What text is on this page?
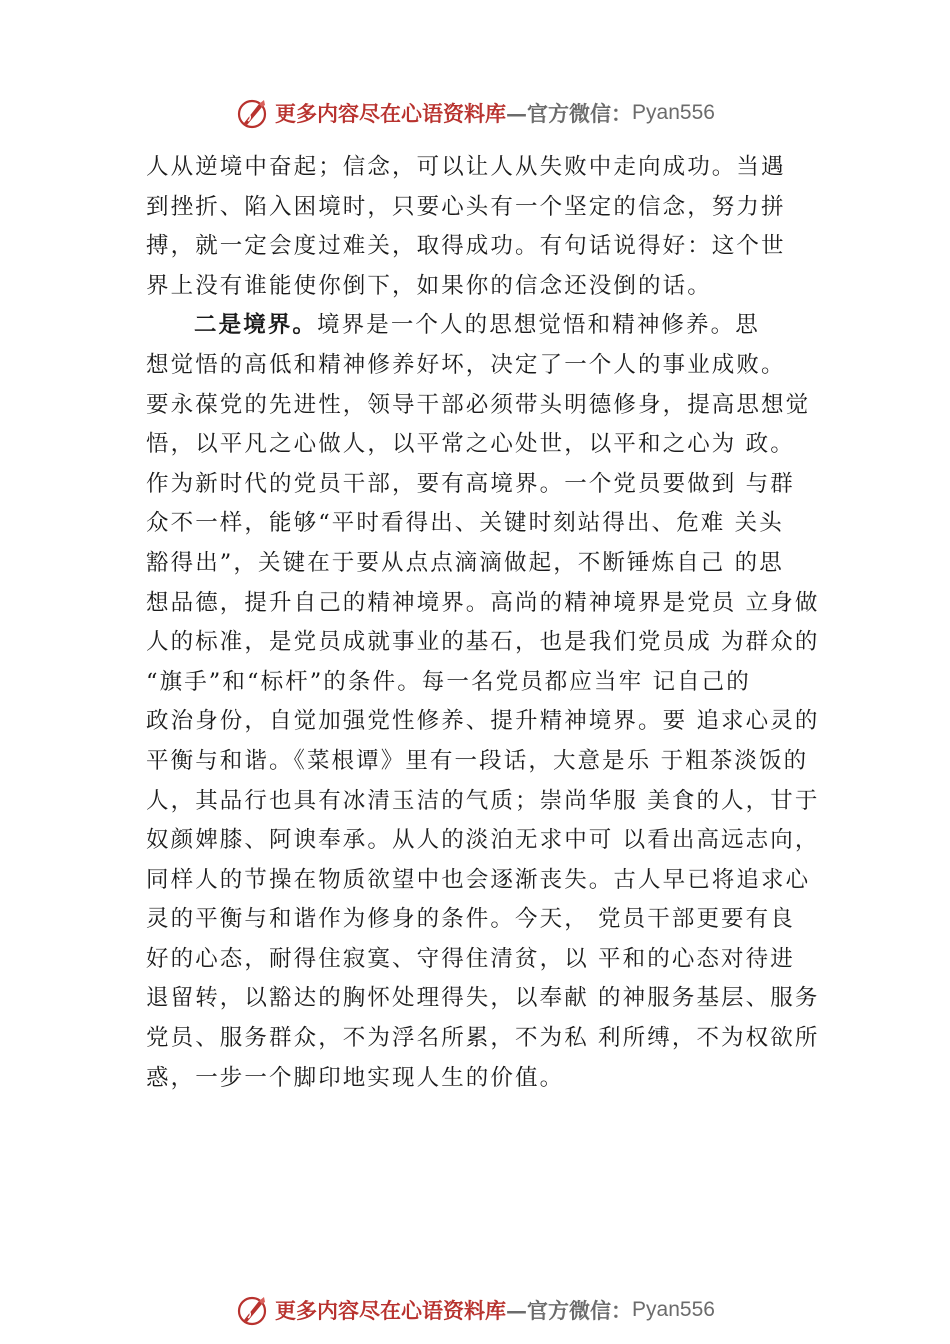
更多内容尽在心语资料库 —官方微信： Pyan556
人从逆境中奋起；信念，可以让人从失败中走向成功。当遇
到挫折、陷入困境时，只要心头有一个坚定的信念，努力拼
搏，就一定会度过难关，取得成功。有句话说得好：这个世
界上没有谁能使你倒下，如果你的信念还没倒的话。
二是境界。境界是一个人的思想觉悟和精神修养。思
想觉悟的高低和精神修养好坏，决定了一个人的事业成败。
要永葆党的先进性，领导干部必须带头明德修身，提高思想觉
悟，以平凡之心做人，以平常之心处世，以平和之心为 政。
作为新时代的党员干部，要有高境界。一个党员要做到 与群
众不一样，能够“平时看得出、关键时刻站得出、危难 关头
豁得出”，关键在于要从点点滴滴做起，不断锤炼自己 的思
想品德，提升自己的精神境界。高尚的精神境界是党员 立身做
人的标准，是党员成就事业的基石，也是我们党员成 为群众的
“旗手”和“标杆”的条件。每一名党员都应当牢 记自己的
政治身份，自觉加强党性修养、提升精神境界。要 追求心灵的
平衡与和谐。《菜根谭》里有一段话，大意是乐 于粗茶淡饭的
人，其品行也具有冰清玉洁的气质；崇尚华服 美食的人，甘于
奴颜婢膝、阿谀奉承。从人的淡泊无求中可 以看出高远志向，
同样人的节操在物质欲望中也会逐渐丧失。古人早已将追求心
灵的平衡与和谐作为修身的条件。今天， 党员干部更要有良
好的心态，耐得住寂寞、守得住清贫，以 平和的心态对待进
退留转，以豁达的胸怀处理得失，以奉献 的神服务基层、服务
党员、服务群众，不为浮名所累，不为私 利所缚，不为权欲所
惑，一步一个脚印地实现人生的价值。
更多内容尽在心语资料库 —官方微信： Pyan556
